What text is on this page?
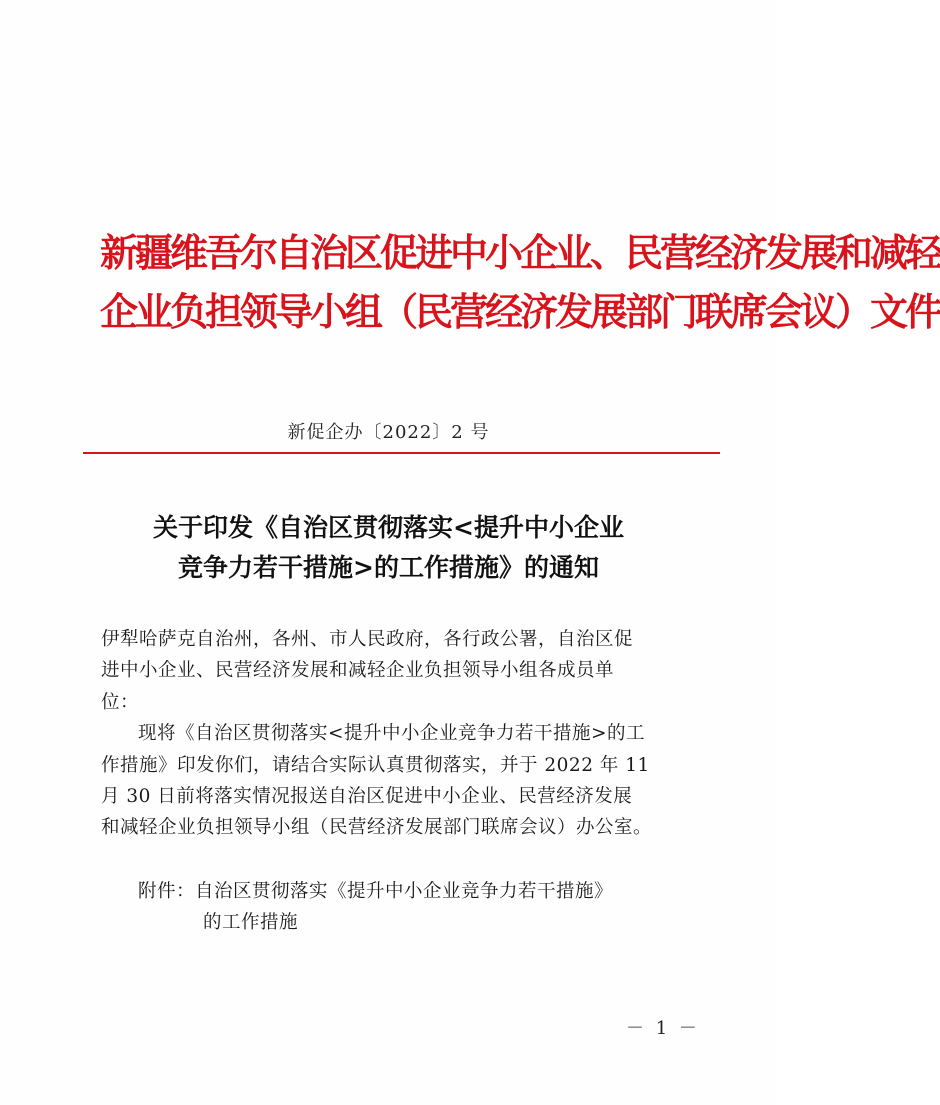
新疆维吾尔自治区促进中小企业、民营经济发展和减轻
企业负担领导小组（民营经济发展部门联席会议）文件
新促企办〔2022〕2 号
关于印发《自治区贯彻落实<提升中小企业
竞争力若干措施>的工作措施》的通知
伊犁哈萨克自治州，各州、市人民政府，各行政公署，自治区促
进中小企业、民营经济发展和减轻企业负担领导小组各成员单
位：
现将《自治区贯彻落实<提升中小企业竞争力若干措施>的工
作措施》印发你们，请结合实际认真贯彻落实，并于 2022 年 11
月 30 日前将落实情况报送自治区促进中小企业、民营经济发展
和减轻企业负担领导小组（民营经济发展部门联席会议）办公室。
附件：自治区贯彻落实《提升中小企业竞争力若干措施》
的工作措施
－ 1 －
